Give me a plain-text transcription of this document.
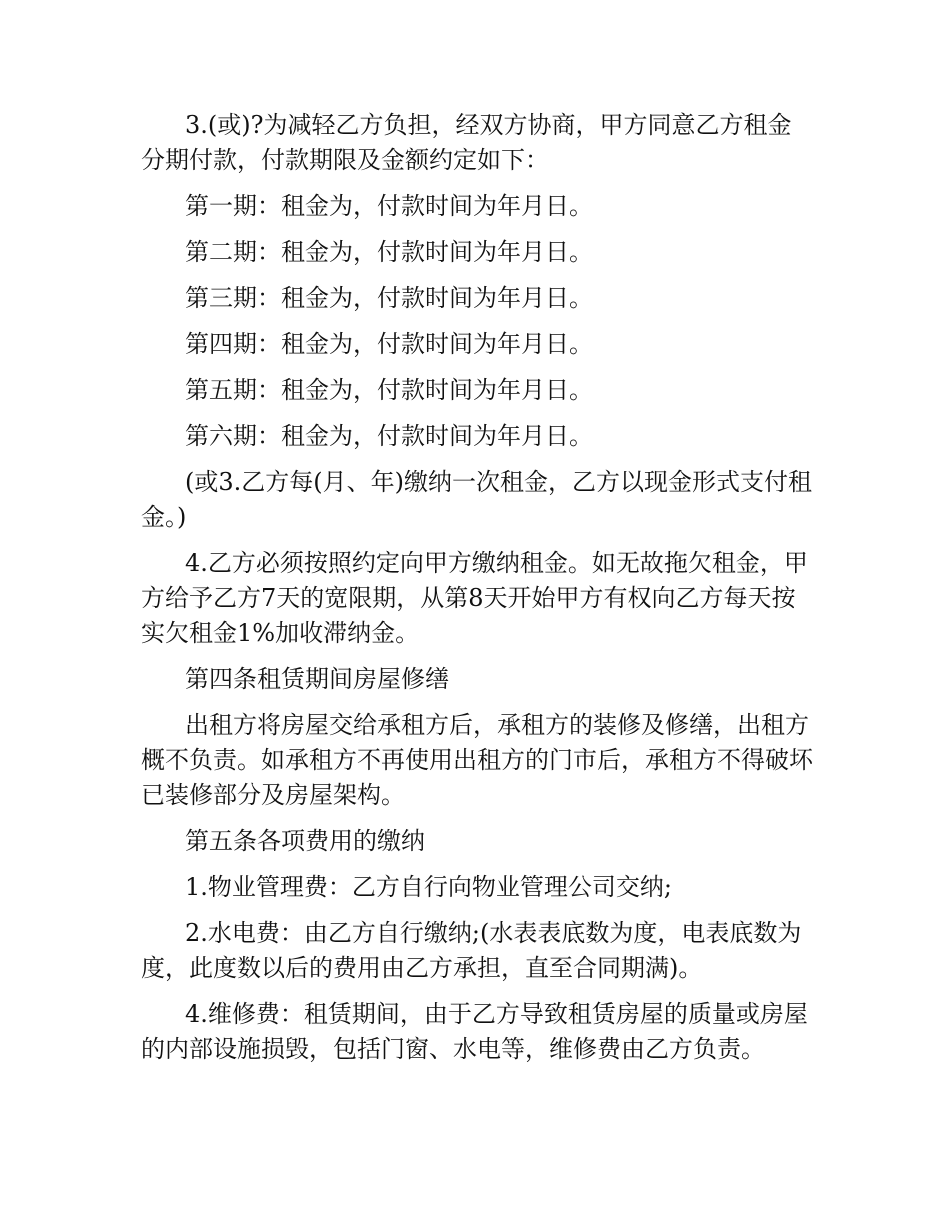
3.(或)?为减轻乙方负担，经双方协商，甲方同意乙方租金分期付款，付款期限及金额约定如下：

第一期：租金为，付款时间为年月日。

第二期：租金为，付款时间为年月日。

第三期：租金为，付款时间为年月日。

第四期：租金为，付款时间为年月日。

第五期：租金为，付款时间为年月日。

第六期：租金为，付款时间为年月日。

(或3.乙方每(月、年)缴纳一次租金，乙方以现金形式支付租金。)

4.乙方必须按照约定向甲方缴纳租金。如无故拖欠租金，甲方给予乙方7天的宽限期，从第8天开始甲方有权向乙方每天按实欠租金1%加收滞纳金。

第四条租赁期间房屋修缮

出租方将房屋交给承租方后，承租方的装修及修缮，出租方概不负责。如承租方不再使用出租方的门市后，承租方不得破坏已装修部分及房屋架构。

第五条各项费用的缴纳

1.物业管理费：乙方自行向物业管理公司交纳;

2.水电费：由乙方自行缴纳;(水表表底数为度，电表底数为度，此度数以后的费用由乙方承担，直至合同期满)。

4.维修费：租赁期间，由于乙方导致租赁房屋的质量或房屋的内部设施损毁，包括门窗、水电等，维修费由乙方负责。
